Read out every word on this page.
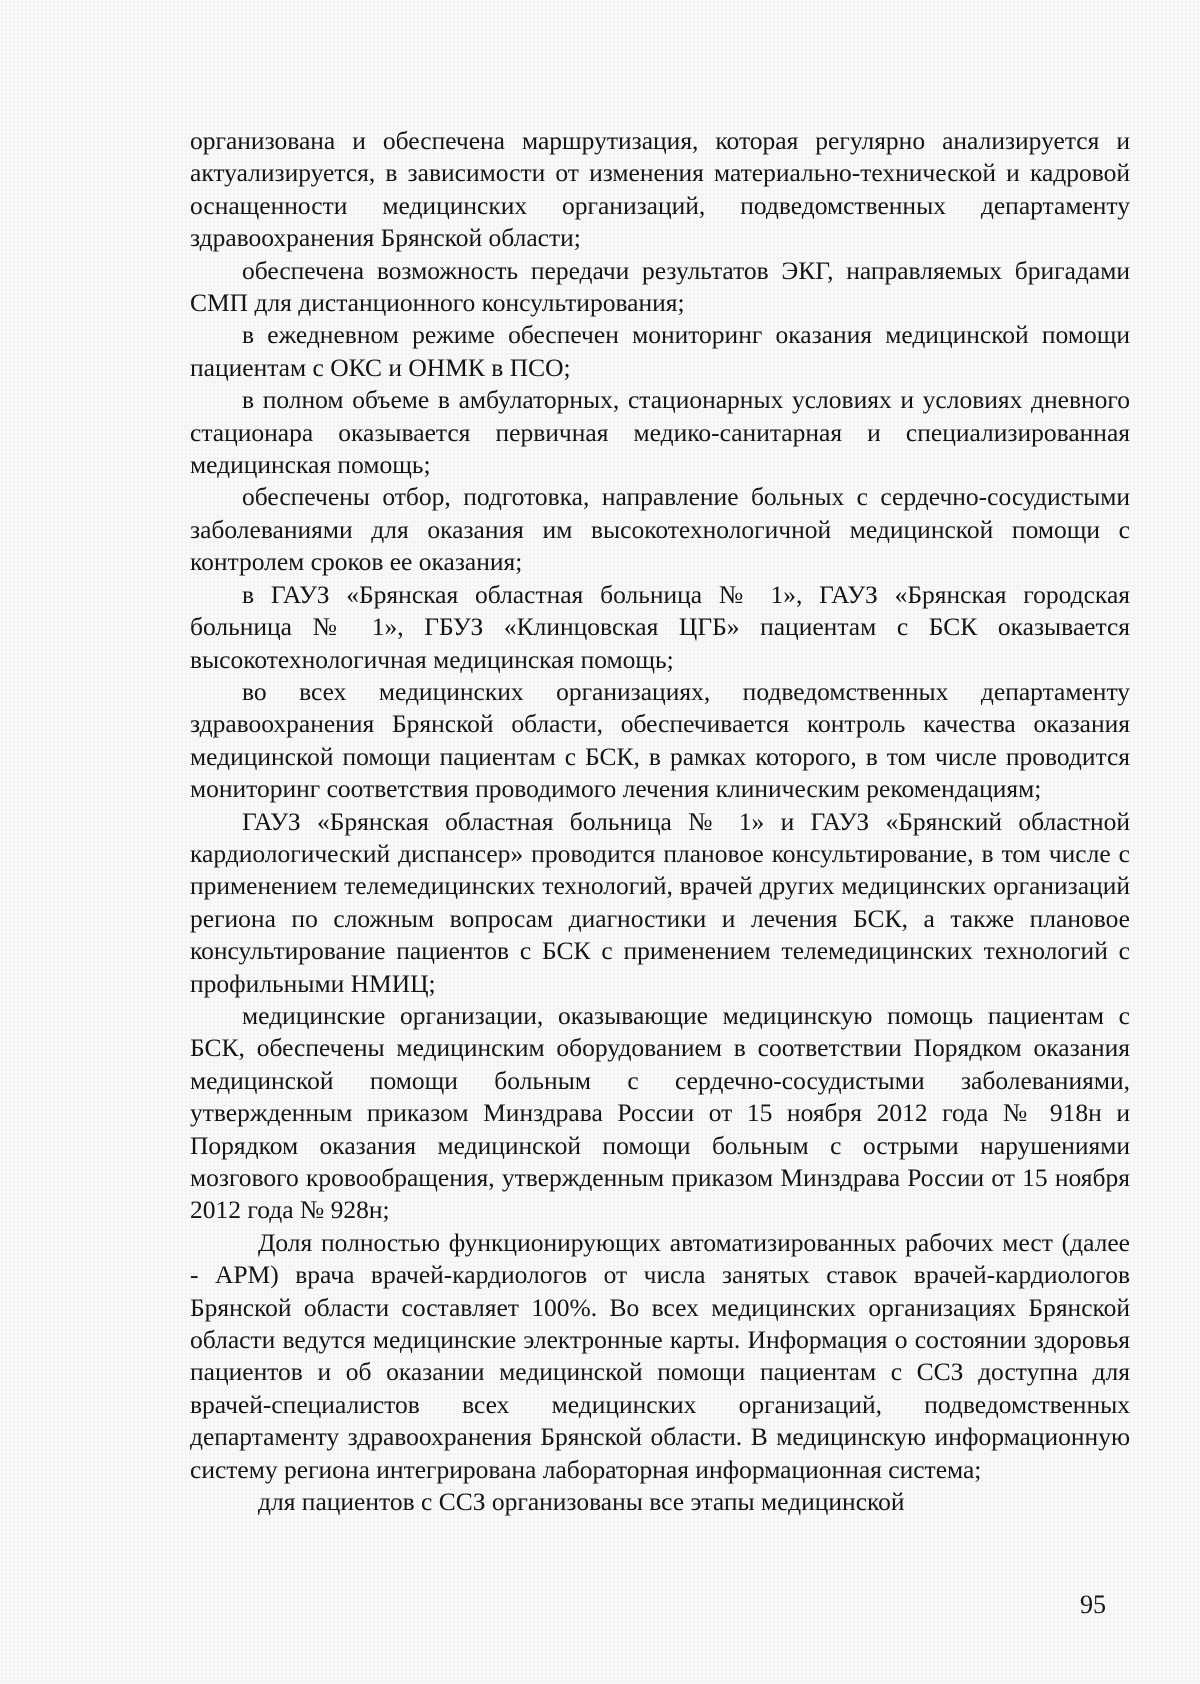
организована и обеспечена маршрутизация, которая регулярно анализируется и актуализируется, в зависимости от изменения материально-технической и кадровой оснащенности медицинских организаций, подведомственных департаменту здравоохранения Брянской области;

обеспечена возможность передачи результатов ЭКГ, направляемых бригадами СМП для дистанционного консультирования;

в ежедневном режиме обеспечен мониторинг оказания медицинской помощи пациентам с ОКС и ОНМК в ПСО;

в полном объеме в амбулаторных, стационарных условиях и условиях дневного стационара оказывается первичная медико-санитарная и специализированная медицинская помощь;

обеспечены отбор, подготовка, направление больных с сердечно-сосудистыми заболеваниями для оказания им высокотехнологичной медицинской помощи с контролем сроков ее оказания;

в ГАУЗ «Брянская областная больница № 1», ГАУЗ «Брянская городская больница № 1», ГБУЗ «Клинцовская ЦГБ» пациентам с БСК оказывается высокотехнологичная медицинская помощь;

во всех медицинских организациях, подведомственных департаменту здравоохранения Брянской области, обеспечивается контроль качества оказания медицинской помощи пациентам с БСК, в рамках которого, в том числе проводится мониторинг соответствия проводимого лечения клиническим рекомендациям;

ГАУЗ «Брянская областная больница № 1» и ГАУЗ «Брянский областной кардиологический диспансер» проводится плановое консультирование, в том числе с применением телемедицинских технологий, врачей других медицинских организаций региона по сложным вопросам диагностики и лечения БСК, а также плановое консультирование пациентов с БСК с применением телемедицинских технологий с профильными НМИЦ;

медицинские организации, оказывающие медицинскую помощь пациентам с БСК, обеспечены медицинским оборудованием в соответствии Порядком оказания медицинской помощи больным с сердечно-сосудистыми заболеваниями, утвержденным приказом Минздрава России от 15 ноября 2012 года № 918н и Порядком оказания медицинской помощи больным с острыми нарушениями мозгового кровообращения, утвержденным приказом Минздрава России от 15 ноября 2012 года № 928н;

Доля полностью функционирующих автоматизированных рабочих мест (далее - АРМ) врача врачей-кардиологов от числа занятых ставок врачей-кардиологов Брянской области составляет 100%. Во всех медицинских организациях Брянской области ведутся медицинские электронные карты. Информация о состоянии здоровья пациентов и об оказании медицинской помощи пациентам с ССЗ доступна для врачей-специалистов всех медицинских организаций, подведомственных департаменту здравоохранения Брянской области. В медицинскую информационную систему региона интегрирована лабораторная информационная система;

для пациентов с ССЗ организованы все этапы медицинской

95
